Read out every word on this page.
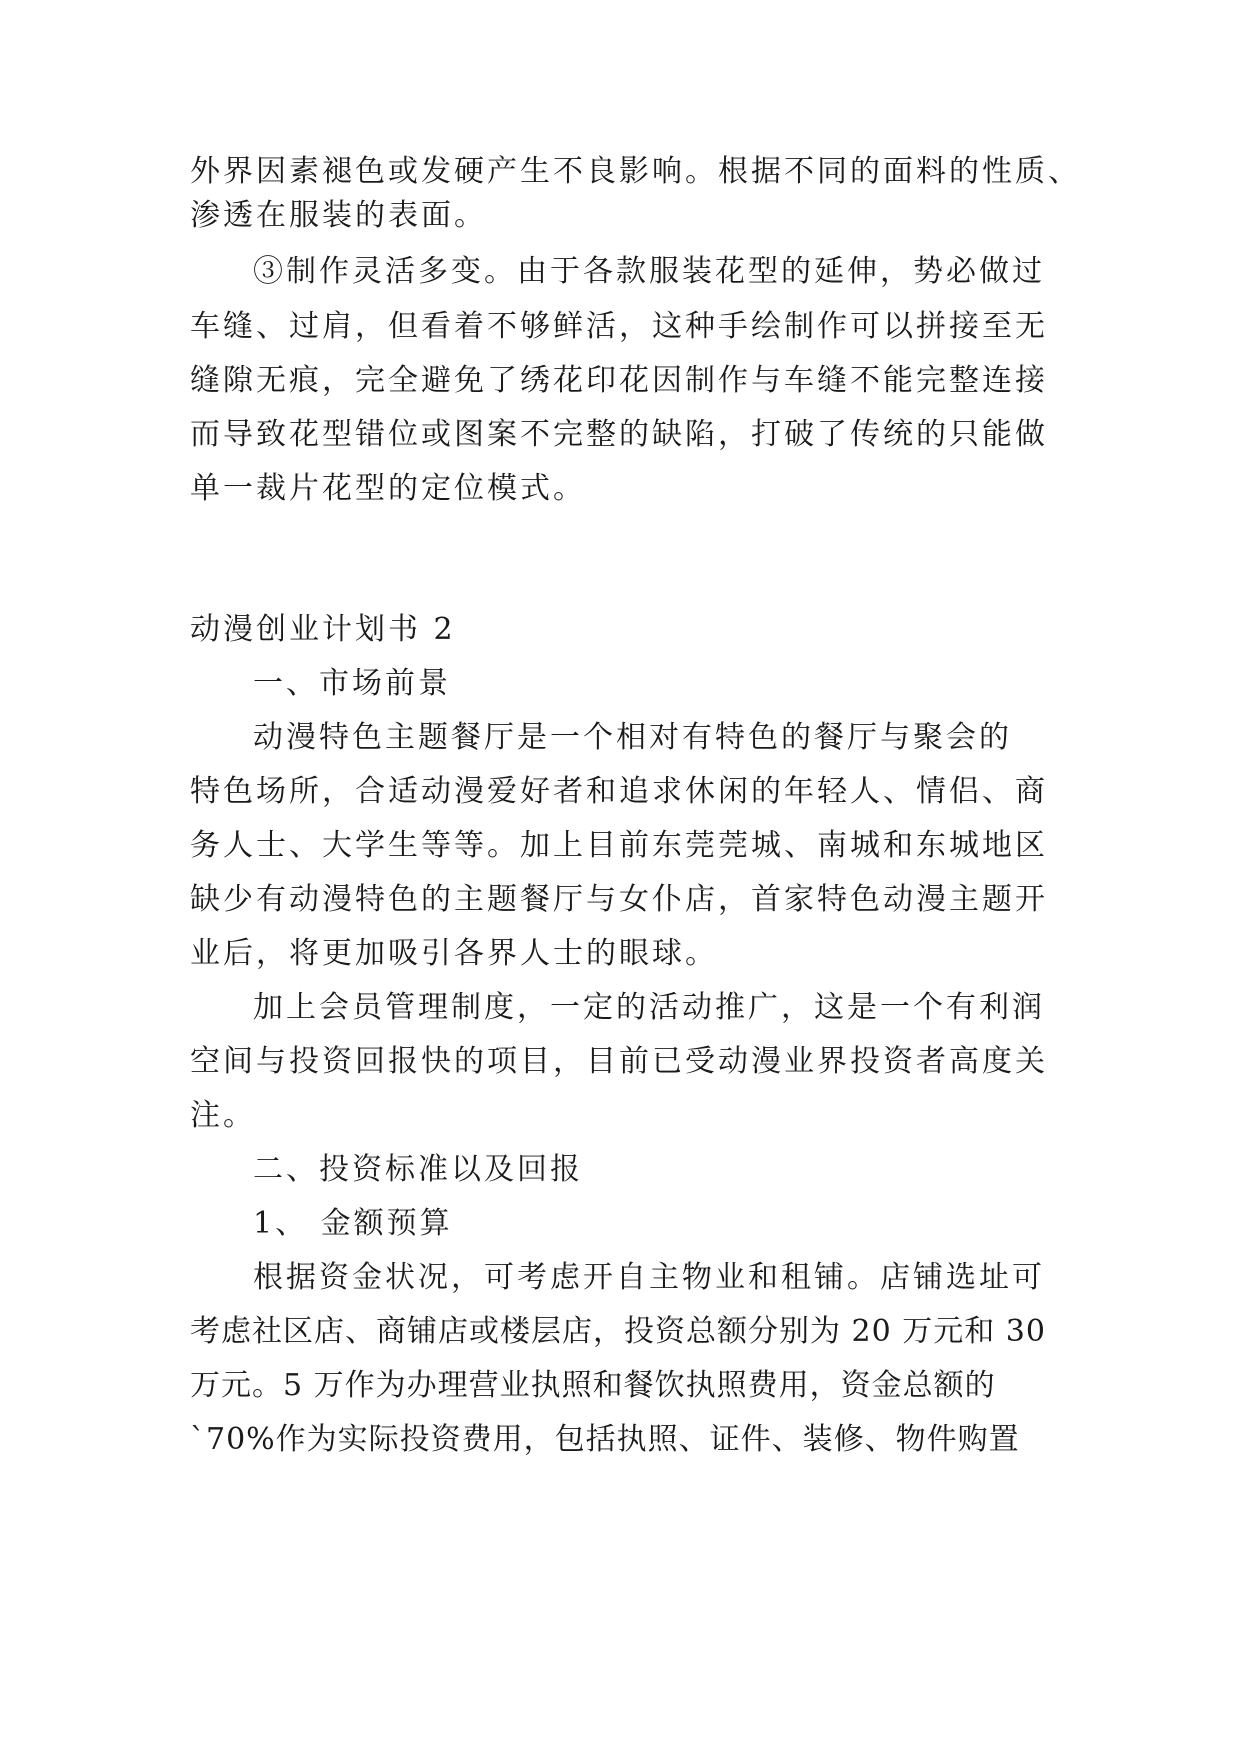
外界因素褪色或发硬产生不良影响。根据不同的面料的性质、
渗透在服装的表面。
③制作灵活多变。由于各款服装花型的延伸，势必做过
车缝、过肩，但看着不够鲜活，这种手绘制作可以拼接至无
缝隙无痕，完全避免了绣花印花因制作与车缝不能完整连接
而导致花型错位或图案不完整的缺陷，打破了传统的只能做
单一裁片花型的定位模式。
动漫创业计划书 2
一、市场前景
动漫特色主题餐厅是一个相对有特色的餐厅与聚会的
特色场所，合适动漫爱好者和追求休闲的年轻人、情侣、商
务人士、大学生等等。加上目前东莞莞城、南城和东城地区
缺少有动漫特色的主题餐厅与女仆店，首家特色动漫主题开
业后，将更加吸引各界人士的眼球。
加上会员管理制度，一定的活动推广，这是一个有利润
空间与投资回报快的项目，目前已受动漫业界投资者高度关
注。
二、投资标准以及回报
1、 金额预算
根据资金状况，可考虑开自主物业和租铺。店铺选址可
考虑社区店、商铺店或楼层店，投资总额分别为 20 万元和 30
万元。5 万作为办理营业执照和餐饮执照费用，资金总额的
`70%作为实际投资费用，包括执照、证件、装修、物件购置
